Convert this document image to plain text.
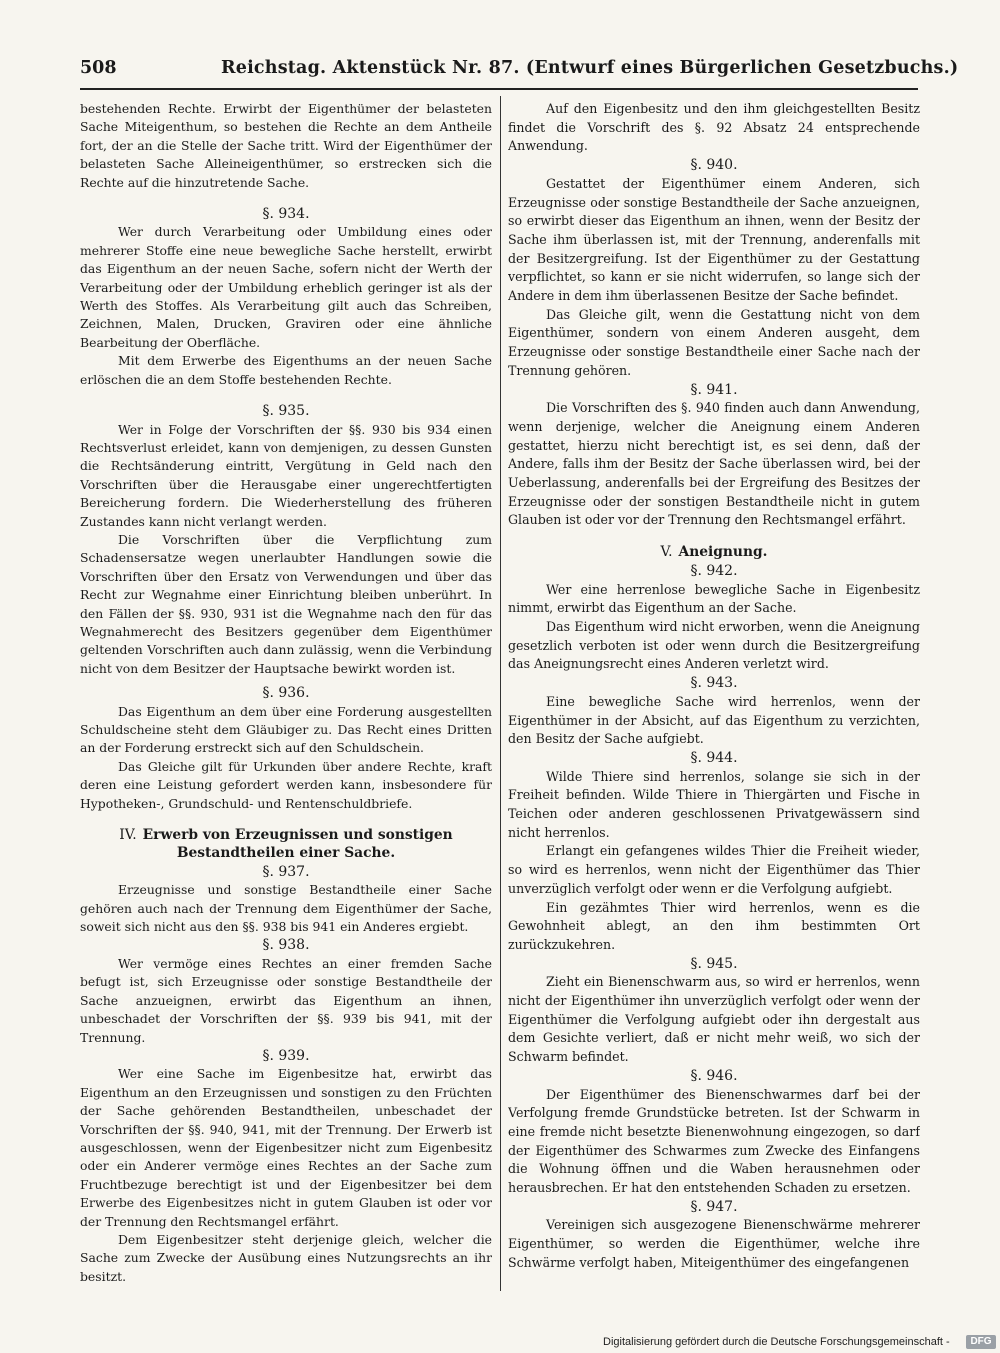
508	Reichstag. Aktenstück Nr. 87. (Entwurf eines Bürgerlichen Gesetzbuchs.)

bestehenden Rechte. Erwirbt der Eigenthümer der belasteten Sache Miteigenthum, so bestehen die Rechte an dem Antheile fort, der an die Stelle der Sache tritt. Wird der Eigenthümer der belasteten Sache Alleineigenthümer, so erstrecken sich die Rechte auf die hinzutretende Sache.

§. 934.

Wer durch Verarbeitung oder Umbildung eines oder mehrerer Stoffe eine neue bewegliche Sache herstellt, erwirbt das Eigenthum an der neuen Sache, sofern nicht der Werth der Verarbeitung oder der Umbildung erheblich geringer ist als der Werth des Stoffes. Als Verarbeitung gilt auch das Schreiben, Zeichnen, Malen, Drucken, Graviren oder eine ähnliche Bearbeitung der Oberfläche.

Mit dem Erwerbe des Eigenthums an der neuen Sache erlöschen die an dem Stoffe bestehenden Rechte.

§. 935.

Wer in Folge der Vorschriften der §§. 930 bis 934 einen Rechtsverlust erleidet, kann von demjenigen, zu dessen Gunsten die Rechtsänderung eintritt, Vergütung in Geld nach den Vorschriften über die Herausgabe einer ungerechtfertigten Bereicherung fordern. Die Wiederherstellung des früheren Zustandes kann nicht verlangt werden.

Die Vorschriften über die Verpflichtung zum Schadensersatze wegen unerlaubter Handlungen sowie die Vorschriften über den Ersatz von Verwendungen und über das Recht zur Wegnahme einer Einrichtung bleiben unberührt. In den Fällen der §§. 930, 931 ist die Wegnahme nach den für das Wegnahmerecht des Besitzers gegenüber dem Eigenthümer geltenden Vorschriften auch dann zulässig, wenn die Verbindung nicht von dem Besitzer der Hauptsache bewirkt worden ist.

§. 936.

Das Eigenthum an dem über eine Forderung ausgestellten Schuldscheine steht dem Gläubiger zu. Das Recht eines Dritten an der Forderung erstreckt sich auf den Schuldschein.

Das Gleiche gilt für Urkunden über andere Rechte, kraft deren eine Leistung gefordert werden kann, insbesondere für Hypotheken-, Grundschuld- und Rentenschuldbriefe.

IV. Erwerb von Erzeugnissen und sonstigen Bestandtheilen einer Sache.

§. 937.

Erzeugnisse und sonstige Bestandtheile einer Sache gehören auch nach der Trennung dem Eigenthümer der Sache, soweit sich nicht aus den §§. 938 bis 941 ein Anderes ergiebt.

§. 938.

Wer vermöge eines Rechtes an einer fremden Sache befugt ist, sich Erzeugnisse oder sonstige Bestandtheile der Sache anzueignen, erwirbt das Eigenthum an ihnen, unbeschadet der Vorschriften der §§. 939 bis 941, mit der Trennung.

§. 939.

Wer eine Sache im Eigenbesitze hat, erwirbt das Eigenthum an den Erzeugnissen und sonstigen zu den Früchten der Sache gehörenden Bestandtheilen, unbeschadet der Vorschriften der §§. 940, 941, mit der Trennung. Der Erwerb ist ausgeschlossen, wenn der Eigenbesitzer nicht zum Eigenbesitz oder ein Anderer vermöge eines Rechtes an der Sache zum Fruchtbezuge berechtigt ist und der Eigenbesitzer bei dem Erwerbe des Eigenbesitzes nicht in gutem Glauben ist oder vor der Trennung den Rechtsmangel erfährt.

Dem Eigenbesitzer steht derjenige gleich, welcher die Sache zum Zwecke der Ausübung eines Nutzungsrechts an ihr besitzt.

Auf den Eigenbesitz und den ihm gleichgestellten Besitz findet die Vorschrift des §. 92 Absatz 24 entsprechende Anwendung.

§. 940.

Gestattet der Eigenthümer einem Anderen, sich Erzeugnisse oder sonstige Bestandtheile der Sache anzueignen, so erwirbt dieser das Eigenthum an ihnen, wenn der Besitz der Sache ihm überlassen ist, mit der Trennung, anderenfalls mit der Besitzergreifung. Ist der Eigenthümer zu der Gestattung verpflichtet, so kann er sie nicht widerrufen, so lange sich der Andere in dem ihm überlassenen Besitze der Sache befindet.

Das Gleiche gilt, wenn die Gestattung nicht von dem Eigenthümer, sondern von einem Anderen ausgeht, dem Erzeugnisse oder sonstige Bestandtheile einer Sache nach der Trennung gehören.

§. 941.

Die Vorschriften des §. 940 finden auch dann Anwendung, wenn derjenige, welcher die Aneignung einem Anderen gestattet, hierzu nicht berechtigt ist, es sei denn, daß der Andere, falls ihm der Besitz der Sache überlassen wird, bei der Ueberlassung, anderenfalls bei der Ergreifung des Besitzes der Erzeugnisse oder der sonstigen Bestandtheile nicht in gutem Glauben ist oder vor der Trennung den Rechtsmangel erfährt.

V. Aneignung.

§. 942.

Wer eine herrenlose bewegliche Sache in Eigenbesitz nimmt, erwirbt das Eigenthum an der Sache.

Das Eigenthum wird nicht erworben, wenn die Aneignung gesetzlich verboten ist oder wenn durch die Besitzergreifung das Aneignungsrecht eines Anderen verletzt wird.

§. 943.

Eine bewegliche Sache wird herrenlos, wenn der Eigenthümer in der Absicht, auf das Eigenthum zu verzichten, den Besitz der Sache aufgiebt.

§. 944.

Wilde Thiere sind herrenlos, solange sie sich in der Freiheit befinden. Wilde Thiere in Thiergärten und Fische in Teichen oder anderen geschlossenen Privatgewässern sind nicht herrenlos.

Erlangt ein gefangenes wildes Thier die Freiheit wieder, so wird es herrenlos, wenn nicht der Eigenthümer das Thier unverzüglich verfolgt oder wenn er die Verfolgung aufgiebt.

Ein gezähmtes Thier wird herrenlos, wenn es die Gewohnheit ablegt, an den ihm bestimmten Ort zurückzukehren.

§. 945.

Zieht ein Bienenschwarm aus, so wird er herrenlos, wenn nicht der Eigenthümer ihn unverzüglich verfolgt oder wenn der Eigenthümer die Verfolgung aufgiebt oder ihn dergestalt aus dem Gesichte verliert, daß er nicht mehr weiß, wo sich der Schwarm befindet.

§. 946.

Der Eigenthümer des Bienenschwarmes darf bei der Verfolgung fremde Grundstücke betreten. Ist der Schwarm in eine fremde nicht besetzte Bienenwohnung eingezogen, so darf der Eigenthümer des Schwarmes zum Zwecke des Einfangens die Wohnung öffnen und die Waben herausnehmen oder herausbrechen. Er hat den entstehenden Schaden zu ersetzen.

§. 947.

Vereinigen sich ausgezogene Bienenschwärme mehrerer Eigenthümer, so werden die Eigenthümer, welche ihre Schwärme verfolgt haben, Miteigenthümer des eingefangenen

Digitalisierung gefördert durch die Deutsche Forschungsgemeinschaft -	DFG
